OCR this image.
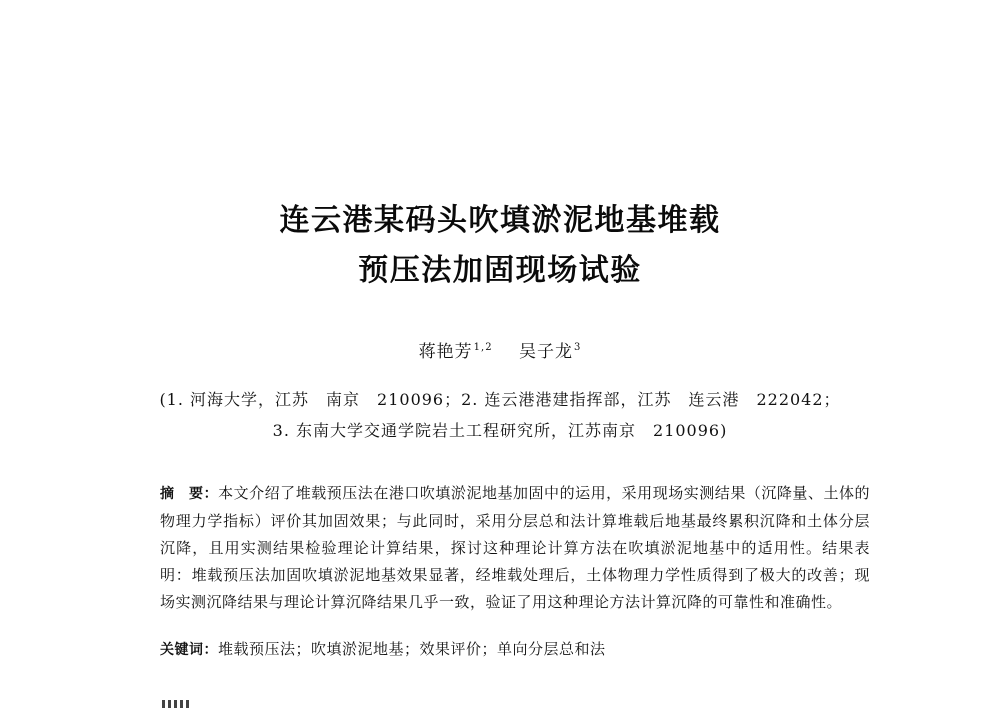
连云港某码头吹填淤泥地基堆载
预压法加固现场试验
蒋艳芳$^{1,2}$ 吴子龙$^3$
(1. 河海大学，江苏　南京　210096；2. 连云港港建指挥部，江苏　连云港　222042；
3. 东南大学交通学院岩土工程研究所，江苏南京　210096)
摘　要：本文介绍了堆载预压法在港口吹填淤泥地基加固中的运用，采用现场实测结果（沉降量、土体的物理力学指标）评价其加固效果；与此同时，采用分层总和法计算堆载后地基最终累积沉降和土体分层沉降，且用实测结果检验理论计算结果，探讨这种理论计算方法在吹填淤泥地基中的适用性。结果表明：堆载预压法加固吹填淤泥地基效果显著，经堆载处理后，土体物理力学性质得到了极大的改善；现场实测沉降结果与理论计算沉降结果几乎一致，验证了用这种理论方法计算沉降的可靠性和准确性。
关键词：堆载预压法；吹填淤泥地基；效果评价；单向分层总和法
